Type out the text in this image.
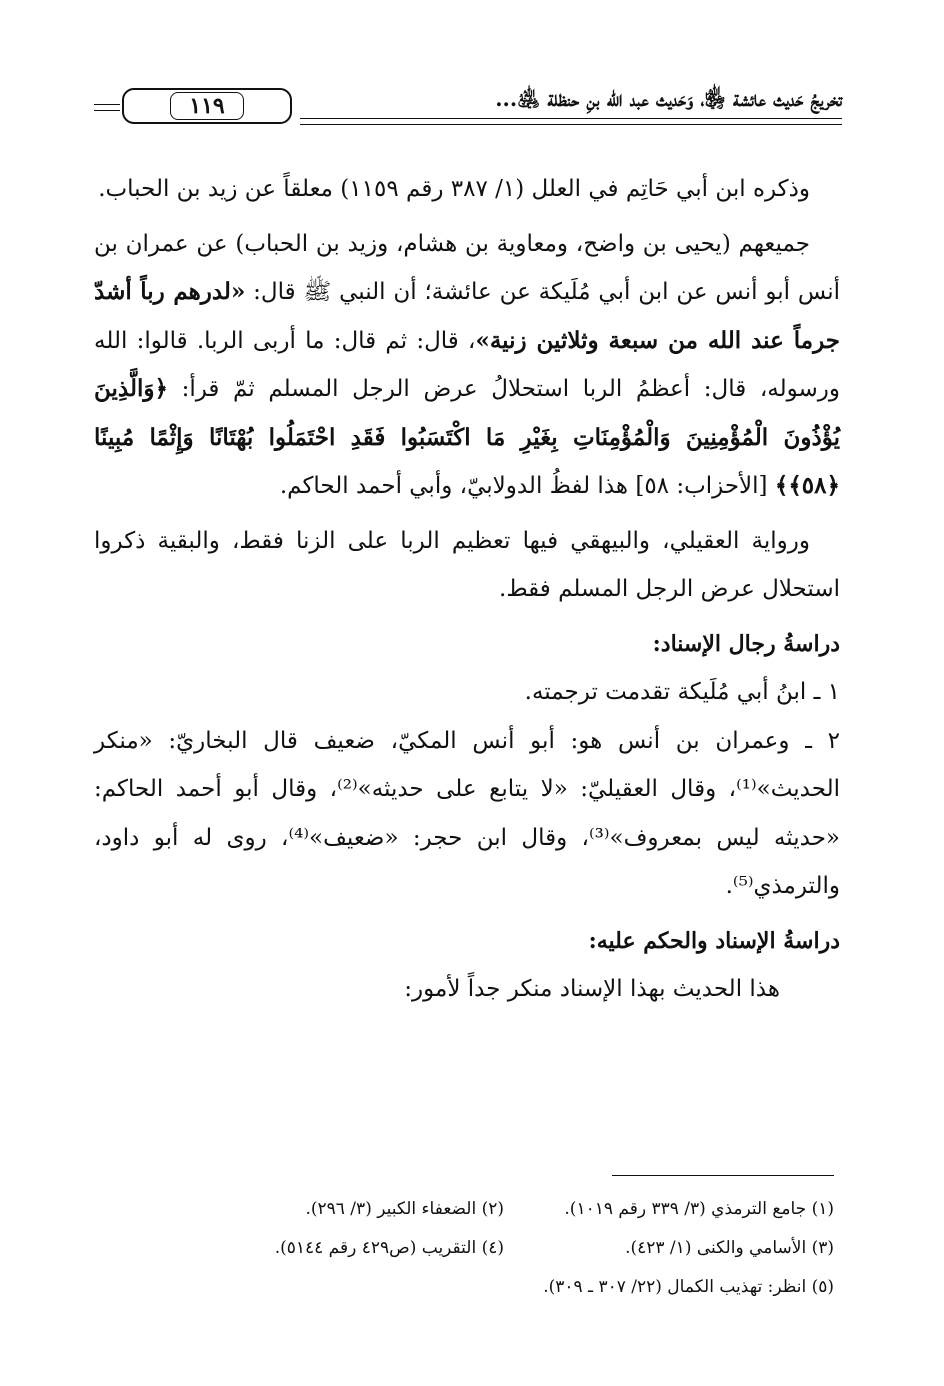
تخريجُ حَديث عائشة ﵂، وَحَديث عبد الله بنِ حنظلة ﵁...
١١٩

وذكره ابن أبي حَاتِم في العلل (١/ ٣٨٧ رقم ١١٥٩) معلقاً عن زيد بن الحباب.

جميعهم (يحيى بن واضح، ومعاوية بن هشام، وزيد بن الحباب) عن عمران بن أنس أبو أنس عن ابن أبي مُلَيكة عن عائشة؛ أن النبي ﷺ قال: «لدرهم رباً أشدّ جرماً عند الله من سبعة وثلاثين زنية»، قال: ثم قال: ما أربى الربا. قالوا: الله ورسوله، قال: أعظمُ الربا استحلالُ عرض الرجل المسلم ثمّ قرأ: ﴿وَالَّذِينَ يُؤْذُونَ الْمُؤْمِنِينَ وَالْمُؤْمِنَاتِ بِغَيْرِ مَا اكْتَسَبُوا فَقَدِ احْتَمَلُوا بُهْتَانًا وَإِثْمًا مُبِينًا ﴿٥٨﴾﴾ [الأحزاب: ٥٨] هذا لفظُ الدولابيّ، وأبي أحمد الحاكم.

ورواية العقيلي، والبيهقي فيها تعظيم الربا على الزنا فقط، والبقية ذكروا استحلال عرض الرجل المسلم فقط.

دراسةُ رجال الإسناد:

١ ـ ابنُ أبي مُلَيكة تقدمت ترجمته.

٢ ـ وعمران بن أنس هو: أبو أنس المكيّ، ضعيف قال البخاريّ: «منكر الحديث»⁽¹⁾، وقال العقيليّ: «لا يتابع على حديثه»⁽²⁾، وقال أبو أحمد الحاكم: «حديثه ليس بمعروف»⁽³⁾، وقال ابن حجر: «ضعيف»⁽⁴⁾، روى له أبو داود، والترمذي⁽⁵⁾.

دراسةُ الإسناد والحكم عليه:

هذا الحديث بهذا الإسناد منكر جداً لأمور:

(١) جامع الترمذي (٣/ ٣٣٩ رقم ١٠١٩).
(٢) الضعفاء الكبير (٣/ ٢٩٦).
(٣) الأسامي والكنى (١/ ٤٢٣).
(٤) التقريب (ص٤٢٩ رقم ٥١٤٤).
(٥) انظر: تهذيب الكمال (٢٢/ ٣٠٧ ـ ٣٠٩).
